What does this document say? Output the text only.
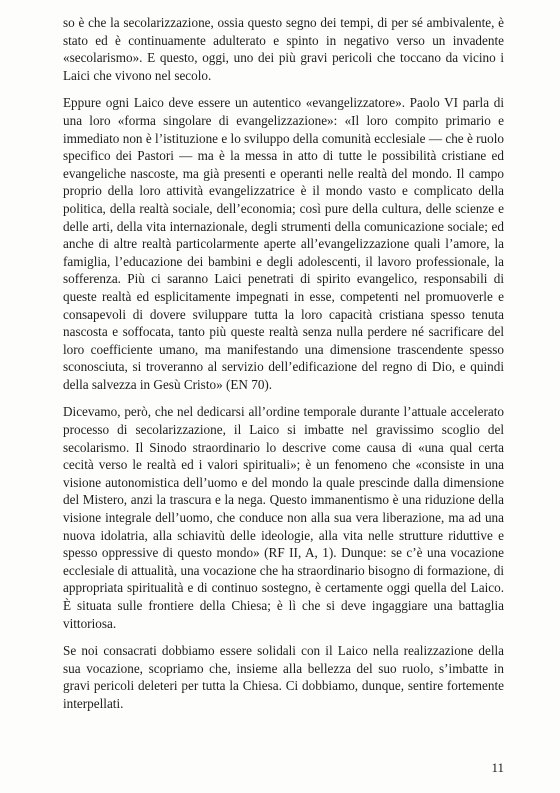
so è che la secolarizzazione, ossia questo segno dei tempi, di per sé ambivalente, è stato ed è continuamente adulterato e spinto in negativo verso un invadente «secolarismo». E questo, oggi, uno dei più gravi pericoli che toccano da vicino i Laici che vivono nel secolo.

Eppure ogni Laico deve essere un autentico «evangelizzatore». Paolo VI parla di una loro «forma singolare di evangelizzazione»: «Il loro compito primario e immediato non è l’istituzione e lo sviluppo della comunità ecclesiale — che è ruolo specifico dei Pastori — ma è la messa in atto di tutte le possibilità cristiane ed evangeliche nascoste, ma già presenti e operanti nelle realtà del mondo. Il campo proprio della loro attività evangelizzatrice è il mondo vasto e complicato della politica, della realtà sociale, dell’economia; così pure della cultura, delle scienze e delle arti, della vita internazionale, degli strumenti della comunicazione sociale; ed anche di altre realtà particolarmente aperte all’evangelizzazione quali l’amore, la famiglia, l’educazione dei bambini e degli adolescenti, il lavoro professionale, la sofferenza. Più ci saranno Laici penetrati di spirito evangelico, responsabili di queste realtà ed esplicitamente impegnati in esse, competenti nel promuoverle e consapevoli di dovere sviluppare tutta la loro capacità cristiana spesso tenuta nascosta e soffocata, tanto più queste realtà senza nulla perdere né sacrificare del loro coefficiente umano, ma manifestando una dimensione trascendente spesso sconosciuta, si troveranno al servizio dell’edificazione del regno di Dio, e quindi della salvezza in Gesù Cristo» (EN 70).

Dicevamo, però, che nel dedicarsi all’ordine temporale durante l’attuale accelerato processo di secolarizzazione, il Laico si imbatte nel gravissimo scoglio del secolarismo. Il Sinodo straordinario lo descrive come causa di «una qual certa cecità verso le realtà ed i valori spirituali»; è un fenomeno che «consiste in una visione autonomistica dell’uomo e del mondo la quale prescinde dalla dimensione del Mistero, anzi la trascura e la nega. Questo immanentismo è una riduzione della visione integrale dell’uomo, che conduce non alla sua vera liberazione, ma ad una nuova idolatria, alla schiavitù delle ideologie, alla vita nelle strutture riduttive e spesso oppressive di questo mondo» (RF II, A, 1). Dunque: se c’è una vocazione ecclesiale di attualità, una vocazione che ha straordinario bisogno di formazione, di appropriata spiritualità e di continuo sostegno, è certamente oggi quella del Laico. È situata sulle frontiere della Chiesa; è lì che si deve ingaggiare una battaglia vittoriosa.

Se noi consacrati dobbiamo essere solidali con il Laico nella realizzazione della sua vocazione, scopriamo che, insieme alla bellezza del suo ruolo, s’imbatte in gravi pericoli deleteri per tutta la Chiesa. Ci dobbiamo, dunque, sentire fortemente interpellati.

11
